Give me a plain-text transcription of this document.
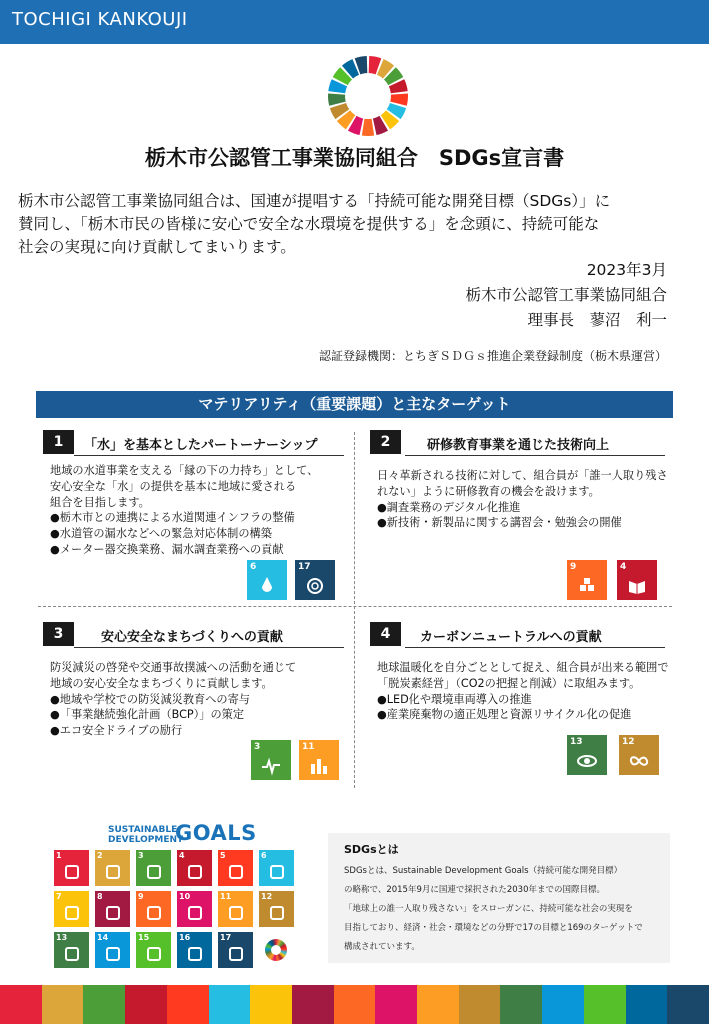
TOCHIGI KANKOUJI
栃木市公認管工事業協同組合　SDGs宣言書
栃木市公認管工事業協同組合は、国連が提唱する「持続可能な開発目標（SDGs）」に
賛同し、「栃木市民の皆様に安心で安全な水環境を提供する」を念頭に、持続可能な
社会の実現に向け貢献してまいります。
2023年3月
栃木市公認管工事業協同組合
理事長　蓼沼　利一
認証登録機関：とちぎＳＤＧｓ推進企業登録制度（栃木県運営）
マテリアリティ（重要課題）と主なターゲット
1	「水」を基本としたパートーナーシップ
地域の水道事業を支える「縁の下の力持ち」として、
安心安全な「水」の提供を基本に地域に愛される
組合を目指します。
●栃木市との連携による水道関連インフラの整備
●水道管の漏水などへの緊急対応体制の構築
●メーター器交換業務、漏水調査業務への貢献
6	17
2	研修教育事業を通じた技術向上
日々革新される技術に対して、組合員が「誰一人取り残さ
れない」ように研修教育の機会を設けます。
●調査業務のデジタル化推進
●新技術・新製品に関する講習会・勉強会の開催
9	4
3	安心安全なまちづくりへの貢献
防災減災の啓発や交通事故撲滅への活動を通じて
地域の安心安全なまちづくりに貢献します。
●地域や学校での防災減災教育への寄与
●「事業継続強化計画（BCP）」の策定
●エコ安全ドライブの励行
3	11
4	カーボンニュートラルへの貢献
地球温暖化を自分ごととして捉え、組合員が出来る範囲で
「脱炭素経営」（CO2の把握と削減）に取組みます。
●LED化や環境車両導入の推進
●産業廃棄物の適正処理と資源リサイクル化の促進
13	12
SUSTAINABLE
DEVELOPMENT
GOALS
SDGsとは
SDGsとは、Sustainable Development Goals（持続可能な開発目標）
の略称で、2015年9月に国連で採択された2030年までの国際目標。
「地球上の誰一人取り残さない」をスローガンに、持続可能な社会の実現を
目指しており、経済・社会・環境などの分野で17の目標と169のターゲットで
構成されています。
1	2	3	4	5	6
7	8	9	10	11	12
13	14	15	16	17
